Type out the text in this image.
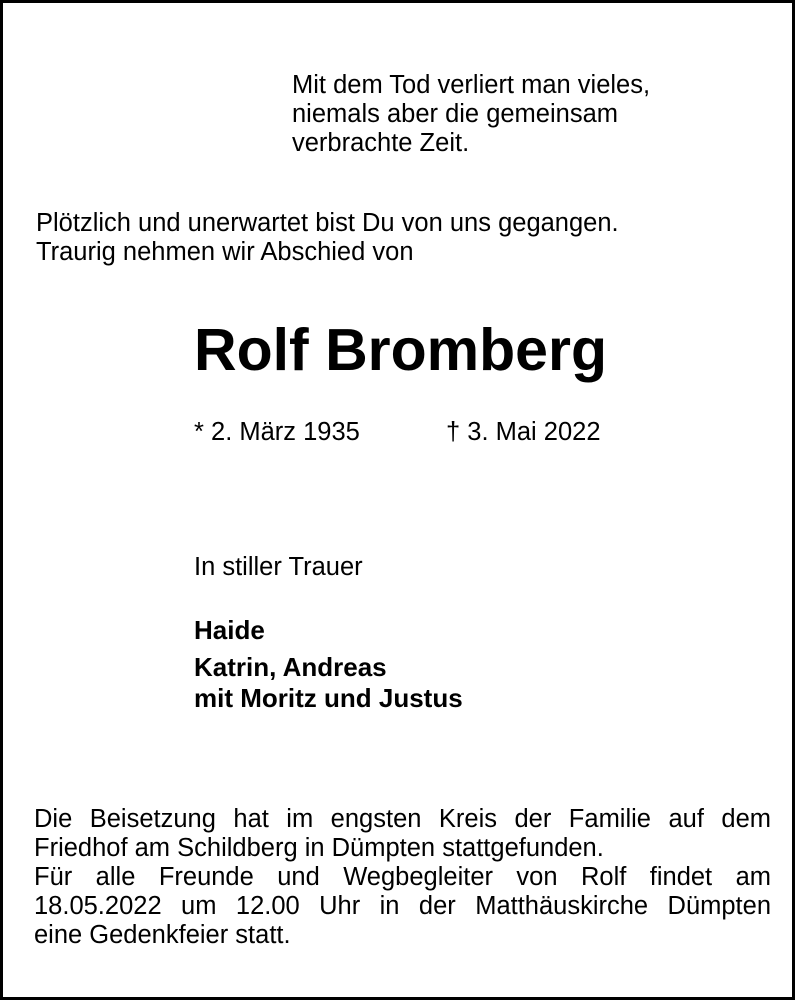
Mit dem Tod verliert man vieles,
niemals aber die gemeinsam
verbrachte Zeit.
Plötzlich und unerwartet bist Du von uns gegangen.
Traurig nehmen wir Abschied von
Rolf Bromberg
* 2. März 1935	† 3. Mai 2022
In stiller Trauer
Haide
Katrin, Andreas
mit Moritz und Justus
Die Beisetzung hat im engsten Kreis der Familie auf dem
Friedhof am Schildberg in Dümpten stattgefunden.
Für alle Freunde und Wegbegleiter von Rolf findet am
18.05.2022 um 12.00 Uhr in der Matthäuskirche Dümpten
eine Gedenkfeier statt.
